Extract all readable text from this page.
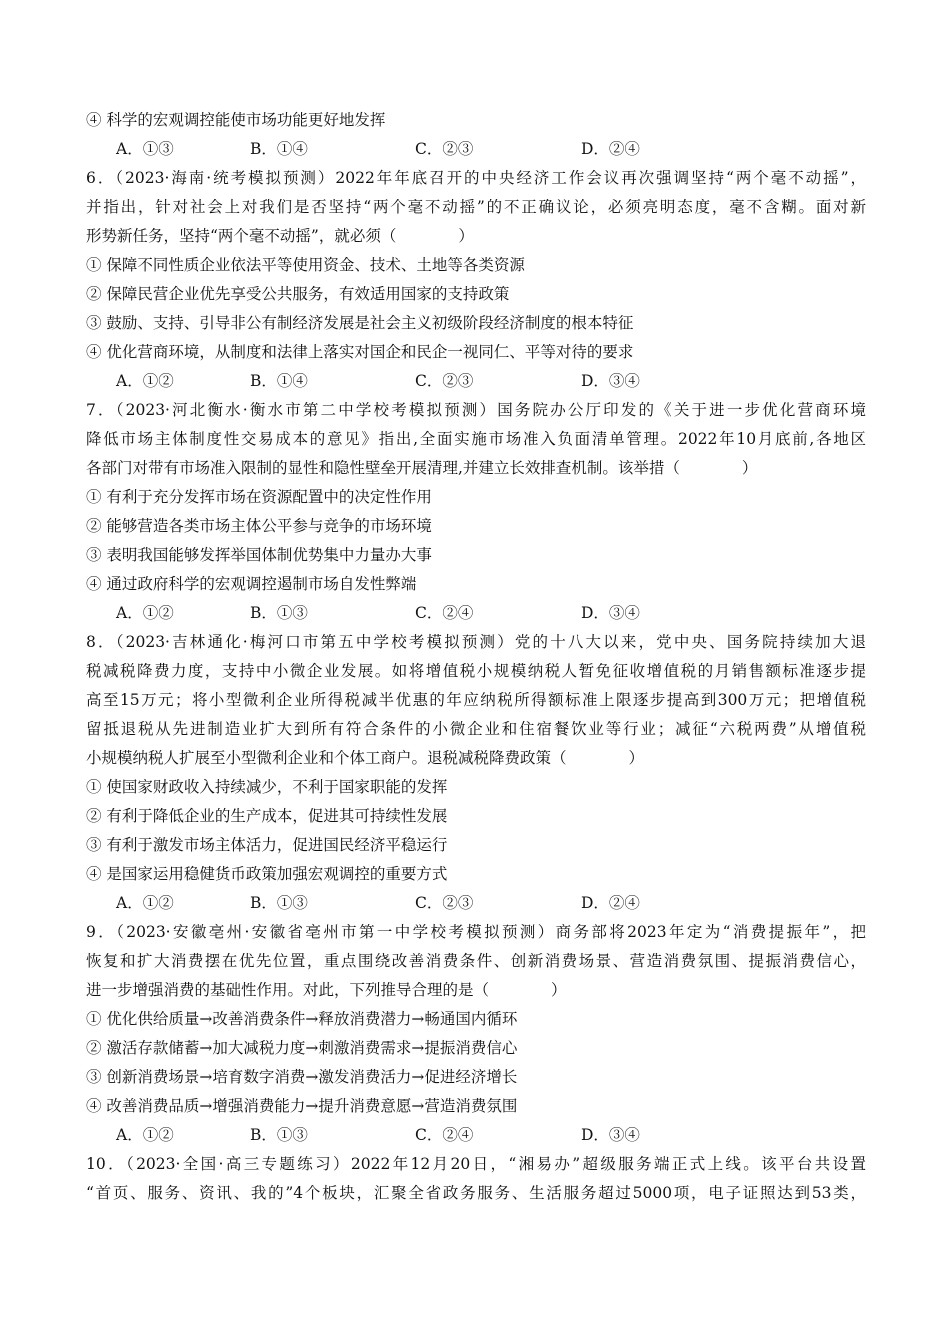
④ 科学的宏观调控能使市场功能更好地发挥
A．①③	B．①④	C．②③	D．②④
6．（2023·海南·统考模拟预测）2022年年底召开的中央经济工作会议再次强调坚持“两个毫不动摇”，
并指出，针对社会上对我们是否坚持“两个毫不动摇”的不正确议论，必须亮明态度，毫不含糊。面对新
形势新任务，坚持“两个毫不动摇”，就必须（　　　　）
① 保障不同性质企业依法平等使用资金、技术、土地等各类资源
② 保障民营企业优先享受公共服务，有效适用国家的支持政策
③ 鼓励、支持、引导非公有制经济发展是社会主义初级阶段经济制度的根本特征
④ 优化营商环境，从制度和法律上落实对国企和民企一视同仁、平等对待的要求
A．①②	B．①④	C．②③	D．③④
7．（2023·河北衡水·衡水市第二中学校考模拟预测）国务院办公厅印发的《关于进一步优化营商环境
降低市场主体制度性交易成本的意见》指出,全面实施市场准入负面清单管理。2022年10月底前,各地区
各部门对带有市场准入限制的显性和隐性壁垒开展清理,并建立长效排查机制。该举措（　　　　）
① 有利于充分发挥市场在资源配置中的决定性作用
② 能够营造各类市场主体公平参与竞争的市场环境
③ 表明我国能够发挥举国体制优势集中力量办大事
④ 通过政府科学的宏观调控遏制市场自发性弊端
A．①②	B．①③	C．②④	D．③④
8．（2023·吉林通化·梅河口市第五中学校考模拟预测）党的十八大以来，党中央、国务院持续加大退
税减税降费力度，支持中小微企业发展。如将增值税小规模纳税人暂免征收增值税的月销售额标准逐步提
高至15万元；将小型微利企业所得税减半优惠的年应纳税所得额标准上限逐步提高到300万元；把增值税
留抵退税从先进制造业扩大到所有符合条件的小微企业和住宿餐饮业等行业；减征“六税两费”从增值税
小规模纳税人扩展至小型微利企业和个体工商户。退税减税降费政策（　　　　）
① 使国家财政收入持续减少，不利于国家职能的发挥
② 有利于降低企业的生产成本，促进其可持续性发展
③ 有利于激发市场主体活力，促进国民经济平稳运行
④ 是国家运用稳健货币政策加强宏观调控的重要方式
A．①②	B．①③	C．②③	D．②④
9．（2023·安徽亳州·安徽省亳州市第一中学校考模拟预测）商务部将2023年定为“消费提振年”，把
恢复和扩大消费摆在优先位置，重点围绕改善消费条件、创新消费场景、营造消费氛围、提振消费信心，
进一步增强消费的基础性作用。对此，下列推导合理的是（　　　　）
① 优化供给质量→改善消费条件→释放消费潜力→畅通国内循环
② 激活存款储蓄→加大减税力度→刺激消费需求→提振消费信心
③ 创新消费场景→培育数字消费→激发消费活力→促进经济增长
④ 改善消费品质→增强消费能力→提升消费意愿→营造消费氛围
A．①②	B．①③	C．②④	D．③④
10．（2023·全国·高三专题练习）2022年12月20日，“湘易办”超级服务端正式上线。该平台共设置
“首页、服务、资讯、我的”4个板块，汇聚全省政务服务、生活服务超过5000项，电子证照达到53类，
